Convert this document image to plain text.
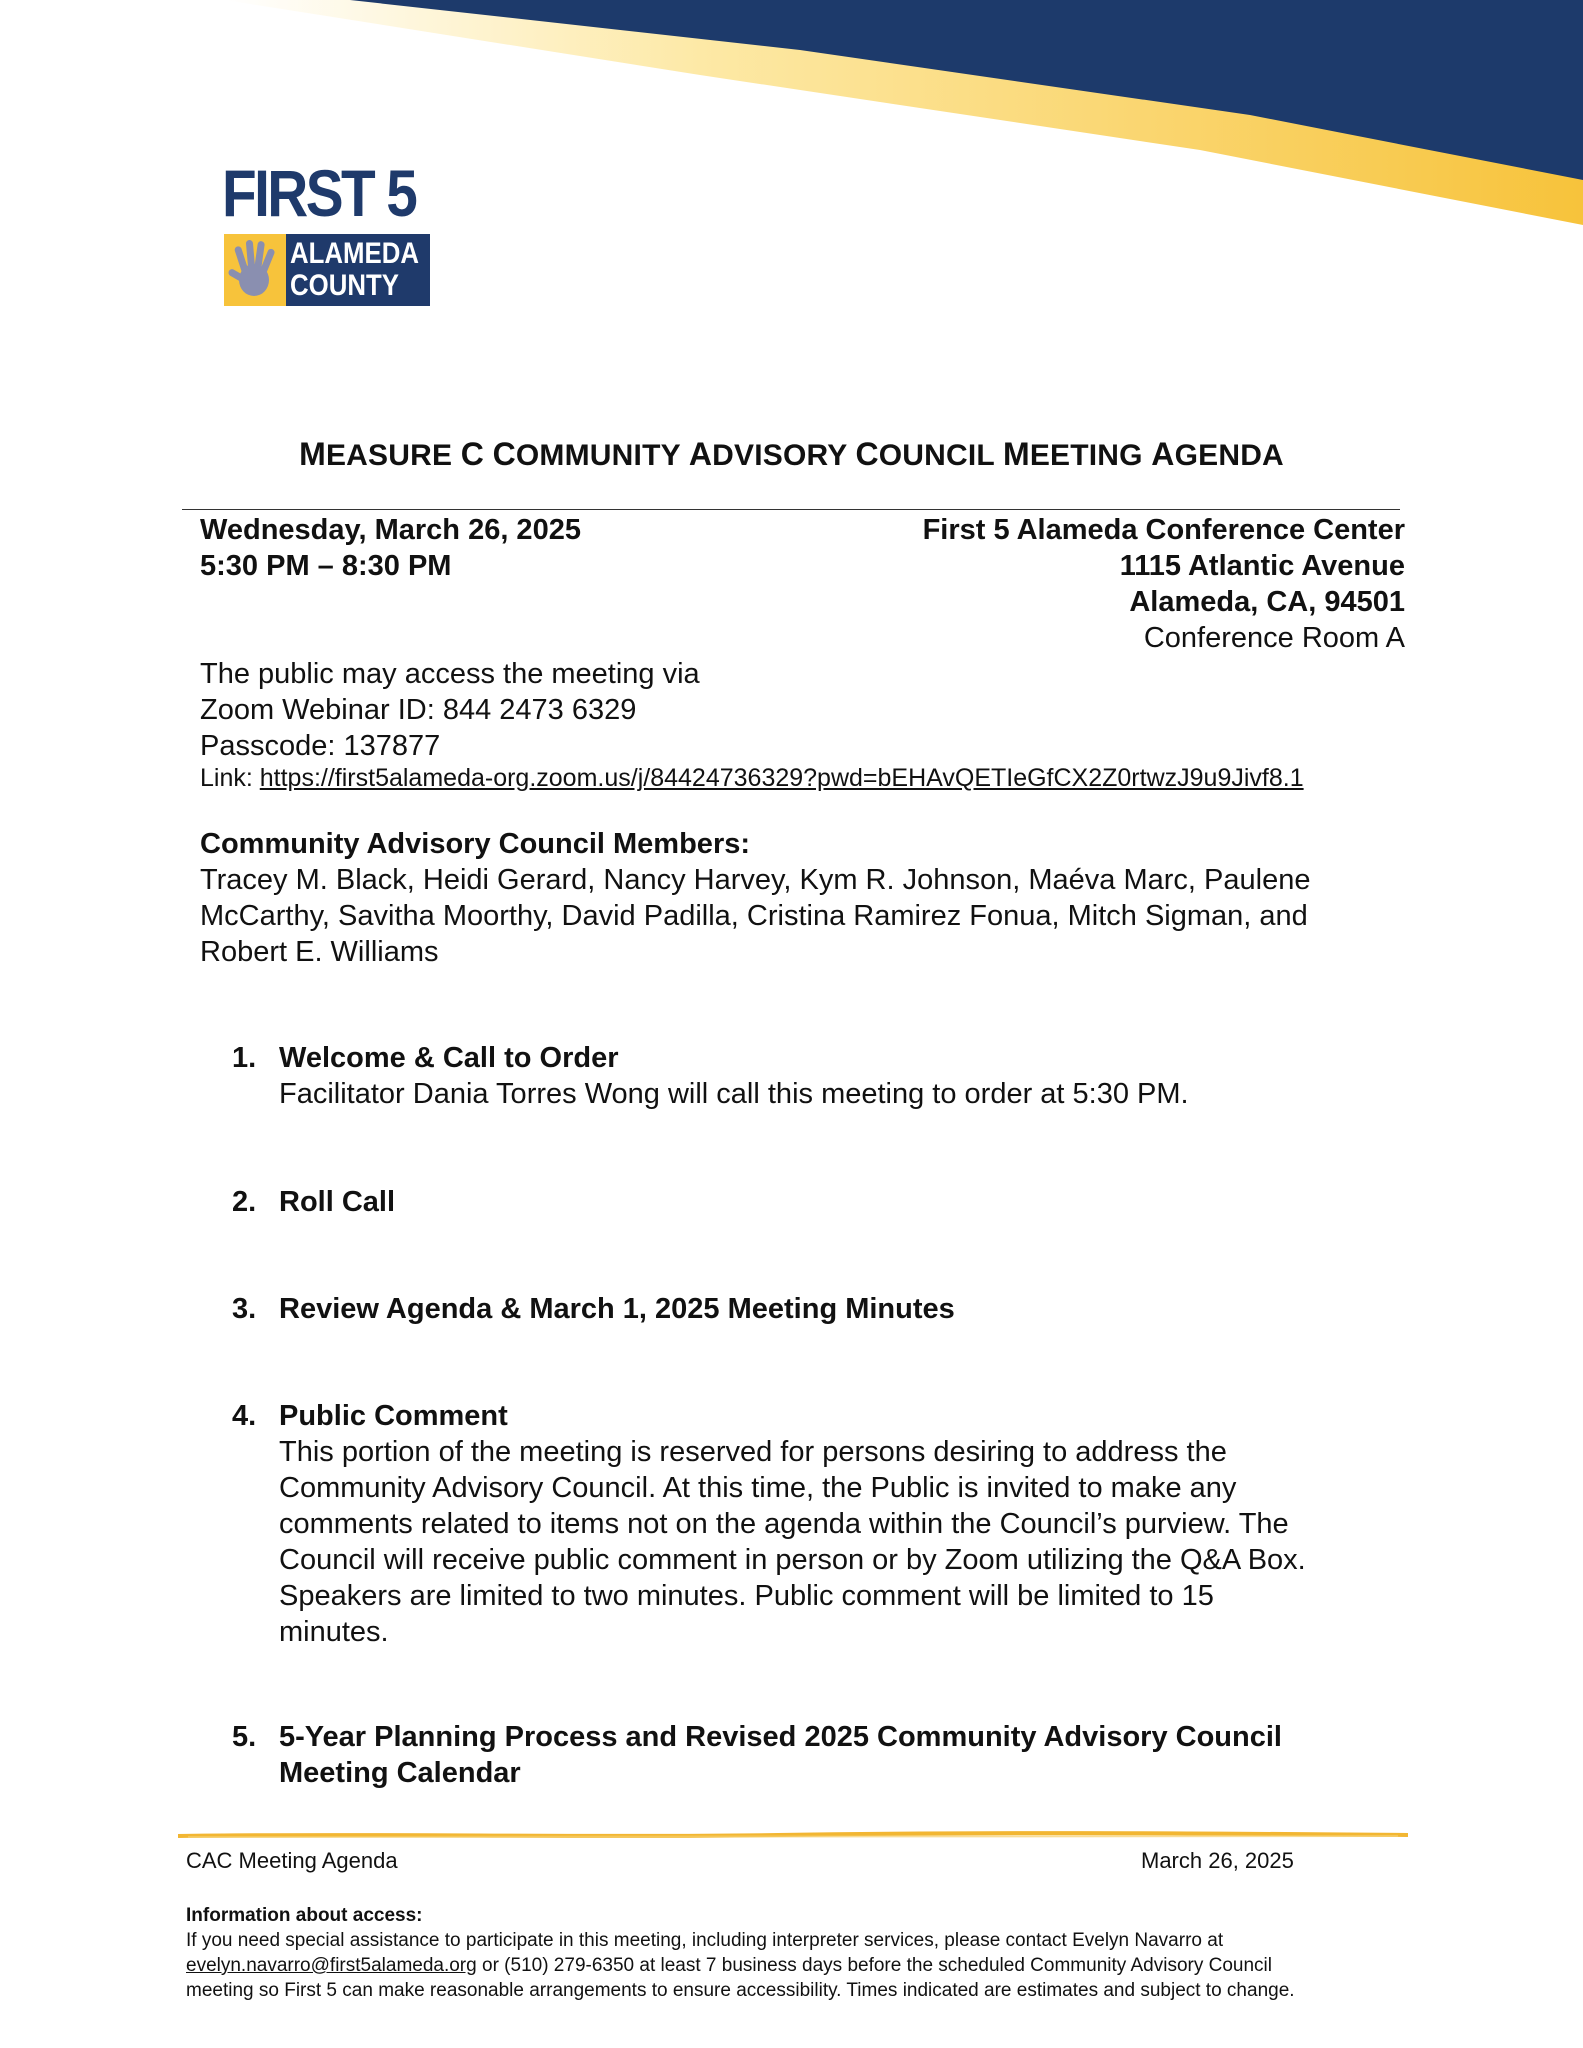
FIRST 5
ALAMEDA
COUNTY
MEASURE C COMMUNITY ADVISORY COUNCIL MEETING AGENDA
Wednesday, March 26, 2025
5:30 PM – 8:30 PM
First 5 Alameda Conference Center
1115 Atlantic Avenue
Alameda, CA, 94501
Conference Room A
The public may access the meeting via
Zoom Webinar ID: 844 2473 6329
Passcode: 137877
Link: https://first5alameda-org.zoom.us/j/84424736329?pwd=bEHAvQETIeGfCX2Z0rtwzJ9u9Jivf8.1
Community Advisory Council Members:
Tracey M. Black, Heidi Gerard, Nancy Harvey, Kym R. Johnson, Maéva Marc, Paulene
McCarthy, Savitha Moorthy, David Padilla, Cristina Ramirez Fonua, Mitch Sigman, and
Robert E. Williams
1. Welcome & Call to Order
Facilitator Dania Torres Wong will call this meeting to order at 5:30 PM.
2. Roll Call
3. Review Agenda & March 1, 2025 Meeting Minutes
4. Public Comment
This portion of the meeting is reserved for persons desiring to address the
Community Advisory Council. At this time, the Public is invited to make any
comments related to items not on the agenda within the Council’s purview. The
Council will receive public comment in person or by Zoom utilizing the Q&A Box.
Speakers are limited to two minutes. Public comment will be limited to 15
minutes.
5. 5-Year Planning Process and Revised 2025 Community Advisory Council
Meeting Calendar
CAC Meeting Agenda	March 26, 2025
Information about access:
If you need special assistance to participate in this meeting, including interpreter services, please contact Evelyn Navarro at
evelyn.navarro@first5alameda.org or (510) 279-6350 at least 7 business days before the scheduled Community Advisory Council
meeting so First 5 can make reasonable arrangements to ensure accessibility. Times indicated are estimates and subject to change.
